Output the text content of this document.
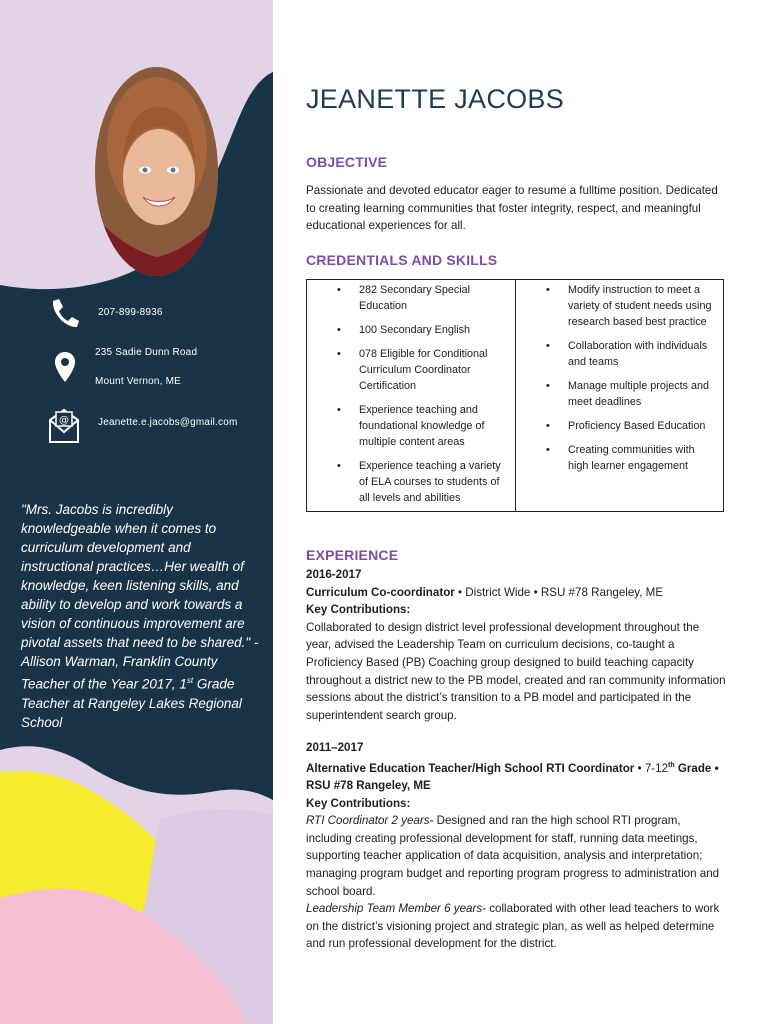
207-899-8936
235 Sadie Dunn Road
Mount Vernon, ME
@	Jeanette.e.jacobs@gmail.com
"Mrs. Jacobs is incredibly knowledgeable when it comes to curriculum development and instructional practices…Her wealth of knowledge, keen listening skills, and ability to develop and work towards a vision of continuous improvement are pivotal assets that need to be shared." - Allison Warman, Franklin County Teacher of the Year 2017, 1st Grade Teacher at Rangeley Lakes Regional School
JEANETTE JACOBS
OBJECTIVE
Passionate and devoted educator eager to resume a fulltime position. Dedicated to creating learning communities that foster integrity, respect, and meaningful educational experiences for all.
CREDENTIALS AND SKILLS
• 282 Secondary Special Education
• 100 Secondary English
• 078 Eligible for Conditional Curriculum Coordinator Certification
• Experience teaching and foundational knowledge of multiple content areas
• Experience teaching a variety of ELA courses to students of all levels and abilities
• Modify instruction to meet a variety of student needs using research based best practice
• Collaboration with individuals and teams
• Manage multiple projects and meet deadlines
• Proficiency Based Education
• Creating communities with high learner engagement
EXPERIENCE

2016-2017

Curriculum Co-coordinator • District Wide • RSU #78 Rangeley, ME

Key Contributions:

Collaborated to design district level professional development throughout the year, advised the Leadership Team on curriculum decisions, co-taught a Proficiency Based (PB) Coaching group designed to build teaching capacity throughout a district new to the PB model, created and ran community information sessions about the district’s transition to a PB model and participated in the superintendent search group.

2011–2017

Alternative Education Teacher/High School RTI Coordinator • 7-12th Grade • RSU #78 Rangeley, ME

Key Contributions:

RTI Coordinator 2 years- Designed and ran the high school RTI program, including creating professional development for staff, running data meetings, supporting teacher application of data acquisition, analysis and interpretation; managing program budget and reporting program progress to administration and school board.

Leadership Team Member 6 years- collaborated with other lead teachers to work on the district’s visioning project and strategic plan, as well as helped determine and run professional development for the district.
